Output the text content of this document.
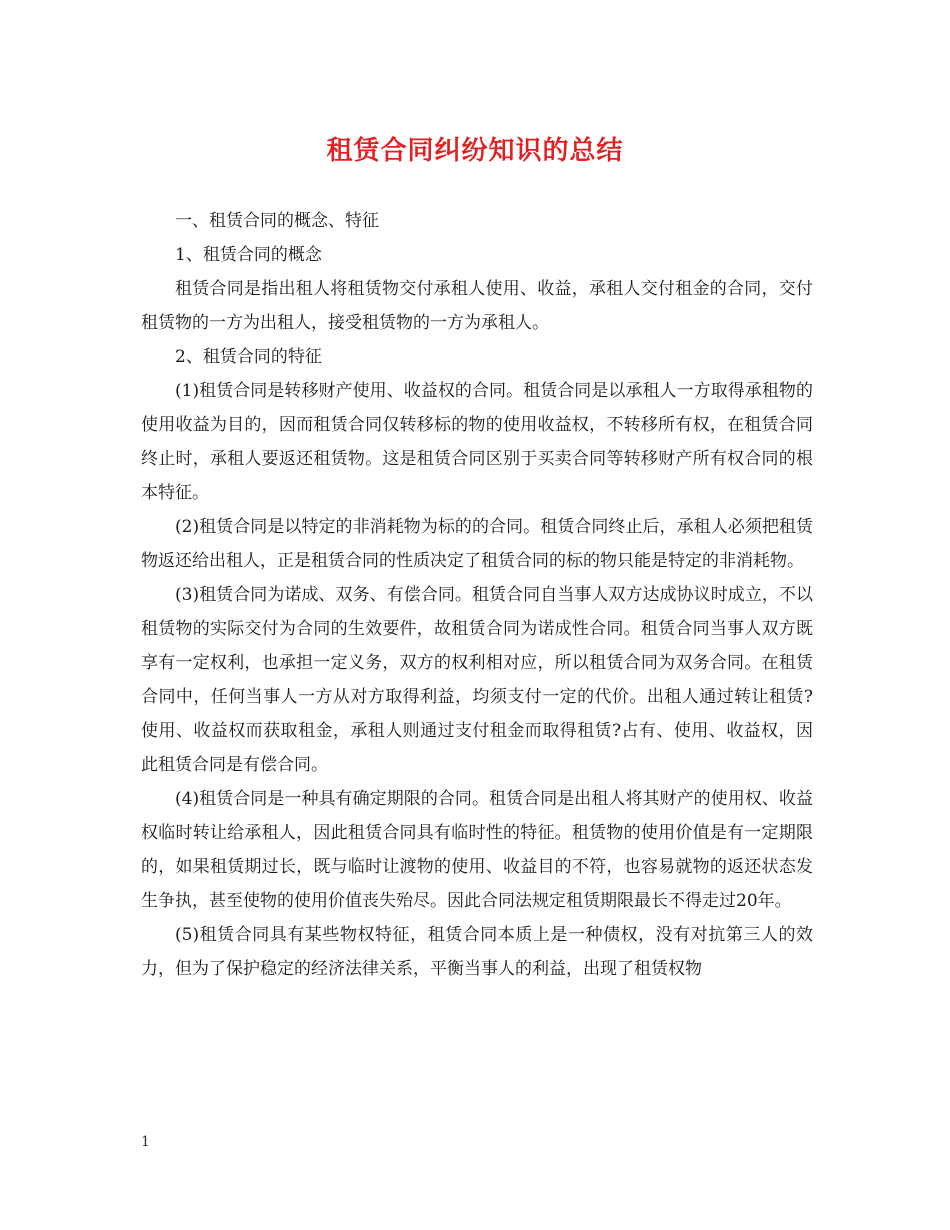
租赁合同纠纷知识的总结

一、租赁合同的概念、特征

1、租赁合同的概念

租赁合同是指出租人将租赁物交付承租人使用、收益，承租人交付租金的合同，交付租赁物的一方为出租人，接受租赁物的一方为承租人。

2、租赁合同的特征

(1)租赁合同是转移财产使用、收益权的合同。租赁合同是以承租人一方取得承租物的使用收益为目的，因而租赁合同仅转移标的物的使用收益权，不转移所有权，在租赁合同终止时，承租人要返还租赁物。这是租赁合同区别于买卖合同等转移财产所有权合同的根本特征。

(2)租赁合同是以特定的非消耗物为标的的合同。租赁合同终止后，承租人必须把租赁物返还给出租人，正是租赁合同的性质决定了租赁合同的标的物只能是特定的非消耗物。

(3)租赁合同为诺成、双务、有偿合同。租赁合同自当事人双方达成协议时成立，不以租赁物的实际交付为合同的生效要件，故租赁合同为诺成性合同。租赁合同当事人双方既享有一定权利，也承担一定义务，双方的权利相对应，所以租赁合同为双务合同。在租赁合同中，任何当事人一方从对方取得利益，均须支付一定的代价。出租人通过转让租赁?使用、收益权而获取租金，承租人则通过支付租金而取得租赁?占有、使用、收益权，因此租赁合同是有偿合同。

(4)租赁合同是一种具有确定期限的合同。租赁合同是出租人将其财产的使用权、收益权临时转让给承租人，因此租赁合同具有临时性的特征。租赁物的使用价值是有一定期限的，如果租赁期过长，既与临时让渡物的使用、收益目的不符，也容易就物的返还状态发生争执，甚至使物的使用价值丧失殆尽。因此合同法规定租赁期限最长不得走过20年。

(5)租赁合同具有某些物权特征，租赁合同本质上是一种债权，没有对抗第三人的效力，但为了保护稳定的经济法律关系，平衡当事人的利益，出现了租赁权物

1
